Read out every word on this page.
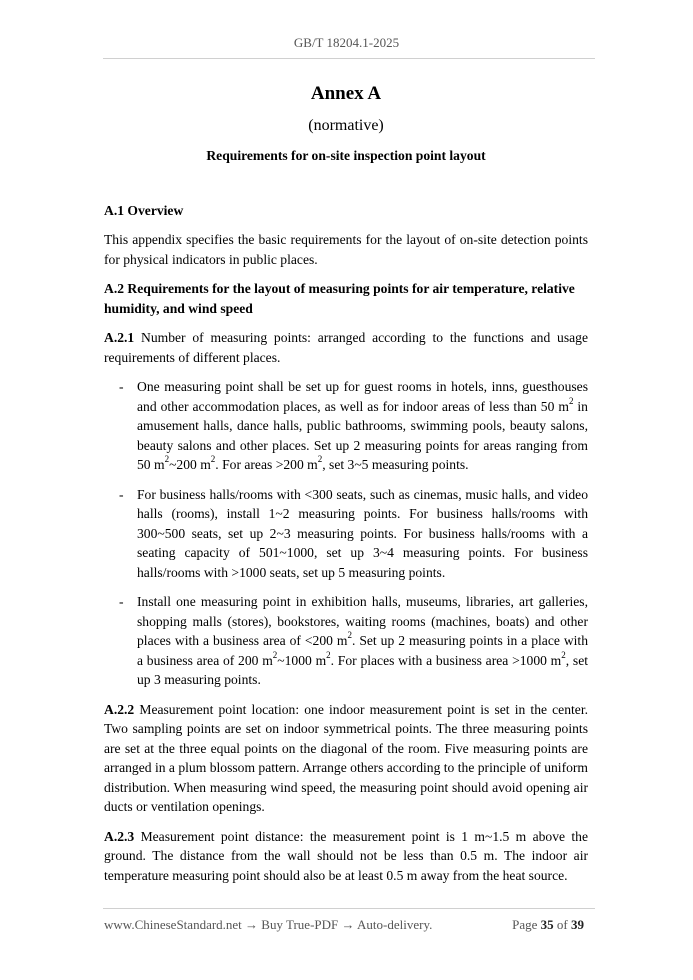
GB/T 18204.1-2025
Annex A
(normative)
Requirements for on-site inspection point layout
A.1 Overview

This appendix specifies the basic requirements for the layout of on-site detection points for physical indicators in public places.

A.2 Requirements for the layout of measuring points for air temperature, relative humidity, and wind speed

A.2.1 Number of measuring points: arranged according to the functions and usage requirements of different places.

- One measuring point shall be set up for guest rooms in hotels, inns, guesthouses and other accommodation places, as well as for indoor areas of less than 50 $m^2$ in amusement halls, dance halls, public bathrooms, swimming pools, beauty salons, beauty salons and other places. Set up 2 measuring points for areas ranging from 50 $m^2\sim 200$ $m^2$. For areas >200 $m^2$, set 3~5 measuring points.
- For business halls/rooms with <300 seats, such as cinemas, music halls, and video halls (rooms), install 1~2 measuring points. For business halls/rooms with 300~500 seats, set up 2~3 measuring points. For business halls/rooms with a seating capacity of 501~1000, set up 3~4 measuring points. For business halls/rooms with >1000 seats, set up 5 measuring points.
- Install one measuring point in exhibition halls, museums, libraries, art galleries, shopping malls (stores), bookstores, waiting rooms (machines, boats) and other places with a business area of <200 $m^2$. Set up 2 measuring points in a place with a business area of 200 $m^2\sim 1000$ $m^2$. For places with a business area >1000 $m^2$, set up 3 measuring points.

A.2.2 Measurement point location: one indoor measurement point is set in the center. Two sampling points are set on indoor symmetrical points. The three measuring points are set at the three equal points on the diagonal of the room. Five measuring points are arranged in a plum blossom pattern. Arrange others according to the principle of uniform distribution. When measuring wind speed, the measuring point should avoid opening air ducts or ventilation openings.

A.2.3 Measurement point distance: the measurement point is 1 m~1.5 m above the ground. The distance from the wall should not be less than 0.5 m. The indoor air temperature measuring point should also be at least 0.5 m away from the heat source.

www.ChineseStandard.net → Buy True-PDF → Auto-delivery.	Page 35 of 39
